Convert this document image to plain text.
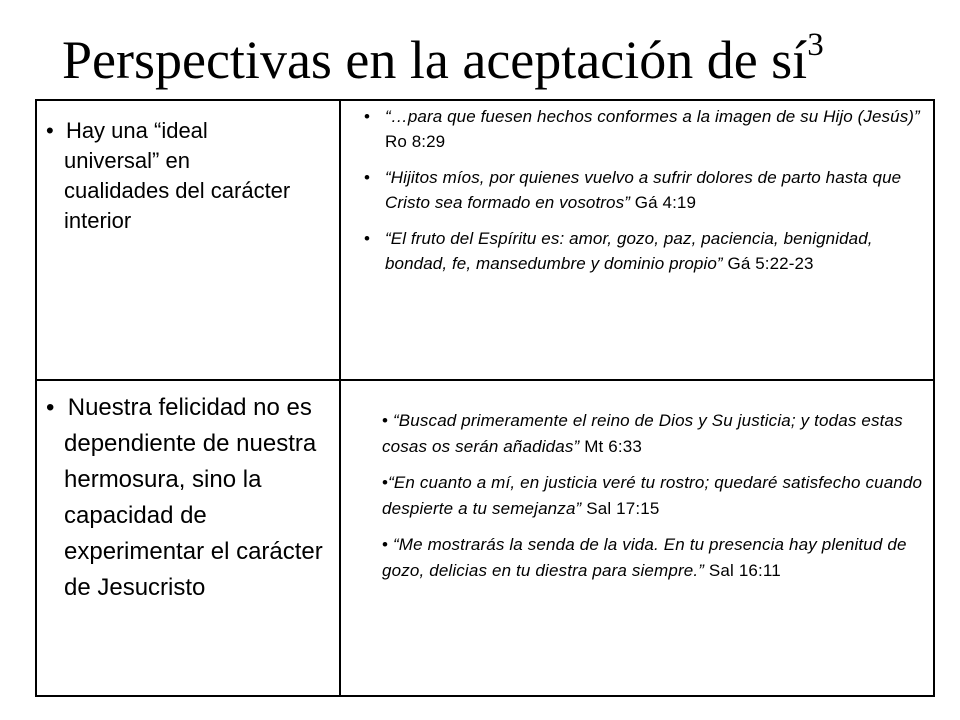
Perspectivas en la aceptación de $sí^3$
• Hay una “ideal universal” en cualidades del carácter interior
• Nuestra felicidad no es dependiente de nuestra hermosura, sino la capacidad de experimentar el carácter de Jesucristo
• “…para que fuesen hechos conformes a la imagen de su Hijo (Jesús)” Ro 8:29
• “Hijitos míos, por quienes vuelvo a sufrir dolores de parto hasta que Cristo sea formado en vosotros” Gá 4:19
• “El fruto del Espíritu es: amor, gozo, paz, paciencia, benignidad, bondad, fe, mansedumbre y dominio propio” Gá 5:22-23
• “Buscad primeramente el reino de Dios y Su justicia; y todas estas cosas os serán añadidas” Mt 6:33
•“En cuanto a mí, en justicia veré tu rostro; quedaré satisfecho cuando despierte a tu semejanza” Sal 17:15
• “Me mostrarás la senda de la vida. En tu presencia hay plenitud de gozo, delicias en tu diestra para siempre.” Sal 16:11
